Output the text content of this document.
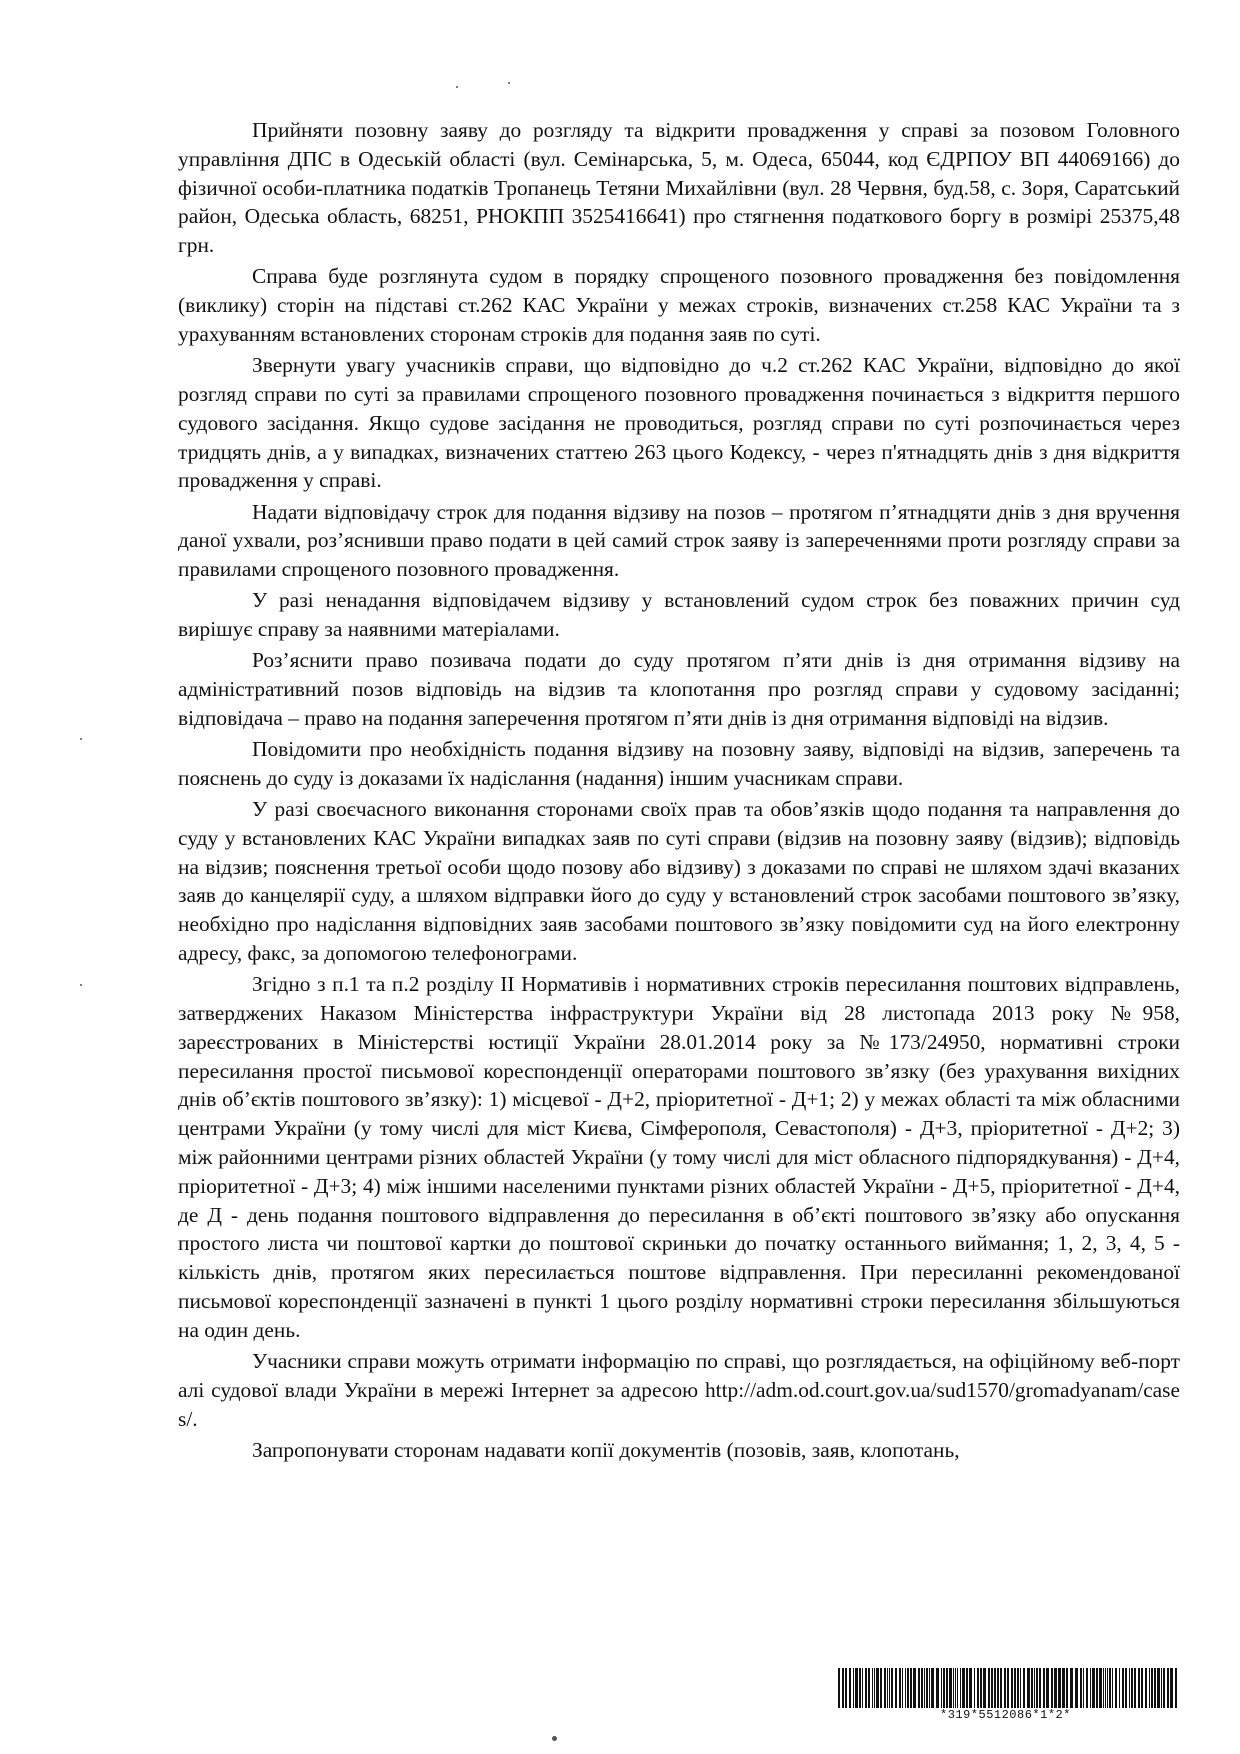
Прийняти позовну заяву до розгляду та відкрити провадження у справі за позовом Головного управління ДПС в Одеській області (вул. Семінарська, 5, м. Одеса, 65044, код ЄДРПОУ ВП 44069166) до фізичної особи-платника податків Тропанець Тетяни Михайлівни (вул. 28 Червня, буд.58, с. Зоря, Саратський район, Одеська область, 68251, РНОКПП 3525416641) про стягнення податкового боргу в розмірі 25375,48 грн.

Справа буде розглянута судом в порядку спрощеного позовного провадження без повідомлення (виклику) сторін на підставі ст.262 КАС України у межах строків, визначених ст.258 КАС України та з урахуванням встановлених сторонам строків для подання заяв по суті.

Звернути увагу учасників справи, що відповідно до ч.2 ст.262 КАС України, відповідно до якої розгляд справи по суті за правилами спрощеного позовного провадження починається з відкриття першого судового засідання. Якщо судове засідання не проводиться, розгляд справи по суті розпочинається через тридцять днів, а у випадках, визначених статтею 263 цього Кодексу, - через п'ятнадцять днів з дня відкриття провадження у справі.

Надати відповідачу строк для подання відзиву на позов – протягом п’ятнадцяти днів з дня вручення даної ухвали, роз’яснивши право подати в цей самий строк заяву із запереченнями проти розгляду справи за правилами спрощеного позовного провадження.

У разі ненадання відповідачем відзиву у встановлений судом строк без поважних причин суд вирішує справу за наявними матеріалами.

Роз’яснити право позивача подати до суду протягом п’яти днів із дня отримання відзиву на адміністративний позов відповідь на відзив та клопотання про розгляд справи у судовому засіданні; відповідача – право на подання заперечення протягом п’яти днів із дня отримання відповіді на відзив.

Повідомити про необхідність подання відзиву на позовну заяву, відповіді на відзив, заперечень та пояснень до суду із доказами їх надіслання (надання) іншим учасникам справи.

У разі своєчасного виконання сторонами своїх прав та обов’язків щодо подання та направлення до суду у встановлених КАС України випадках заяв по суті справи (відзив на позовну заяву (відзив); відповідь на відзив; пояснення третьої особи щодо позову або відзиву) з доказами по справі не шляхом здачі вказаних заяв до канцелярії суду, а шляхом відправки його до суду у встановлений строк засобами поштового зв’язку, необхідно про надіслання відповідних заяв засобами поштового зв’язку повідомити суд на його електронну адресу, факс, за допомогою телефонограми.

Згідно з п.1 та п.2 розділу ІІ Нормативів і нормативних строків пересилання поштових відправлень, затверджених Наказом Міністерства інфраструктури України від 28 листопада 2013 року №958, зареєстрованих в Міністерстві юстиції України 28.01.2014 року за №173/24950, нормативні строки пересилання простої письмової кореспонденції операторами поштового зв’язку (без урахування вихідних днів об’єктів поштового зв’язку): 1) місцевої - Д+2, пріоритетної - Д+1; 2) у межах області та між обласними центрами України (у тому числі для міст Києва, Сімферополя, Севастополя) - Д+3, пріоритетної - Д+2; 3) між районними центрами різних областей України (у тому числі для міст обласного підпорядкування) - Д+4, пріоритетної - Д+3; 4) між іншими населеними пунктами різних областей України - Д+5, пріоритетної - Д+4, де Д - день подання поштового відправлення до пересилання в об’єкті поштового зв’язку або опускання простого листа чи поштової картки до поштової скриньки до початку останнього виймання; 1, 2, 3, 4, 5 - кількість днів, протягом яких пересилається поштове відправлення. При пересиланні рекомендованої письмової кореспонденції зазначені в пункті 1 цього розділу нормативні строки пересилання збільшуються на один день.

Учасники справи можуть отримати інформацію по справі, що розглядається, на офіційному веб-порталі судової влади України в мережі Інтернет за адресою http://adm.od.court.gov.ua/sud1570/gromadyanam/cases/.

Запропонувати сторонам надавати копії документів (позовів, заяв, клопотань,

*319*5512086*1*2*
